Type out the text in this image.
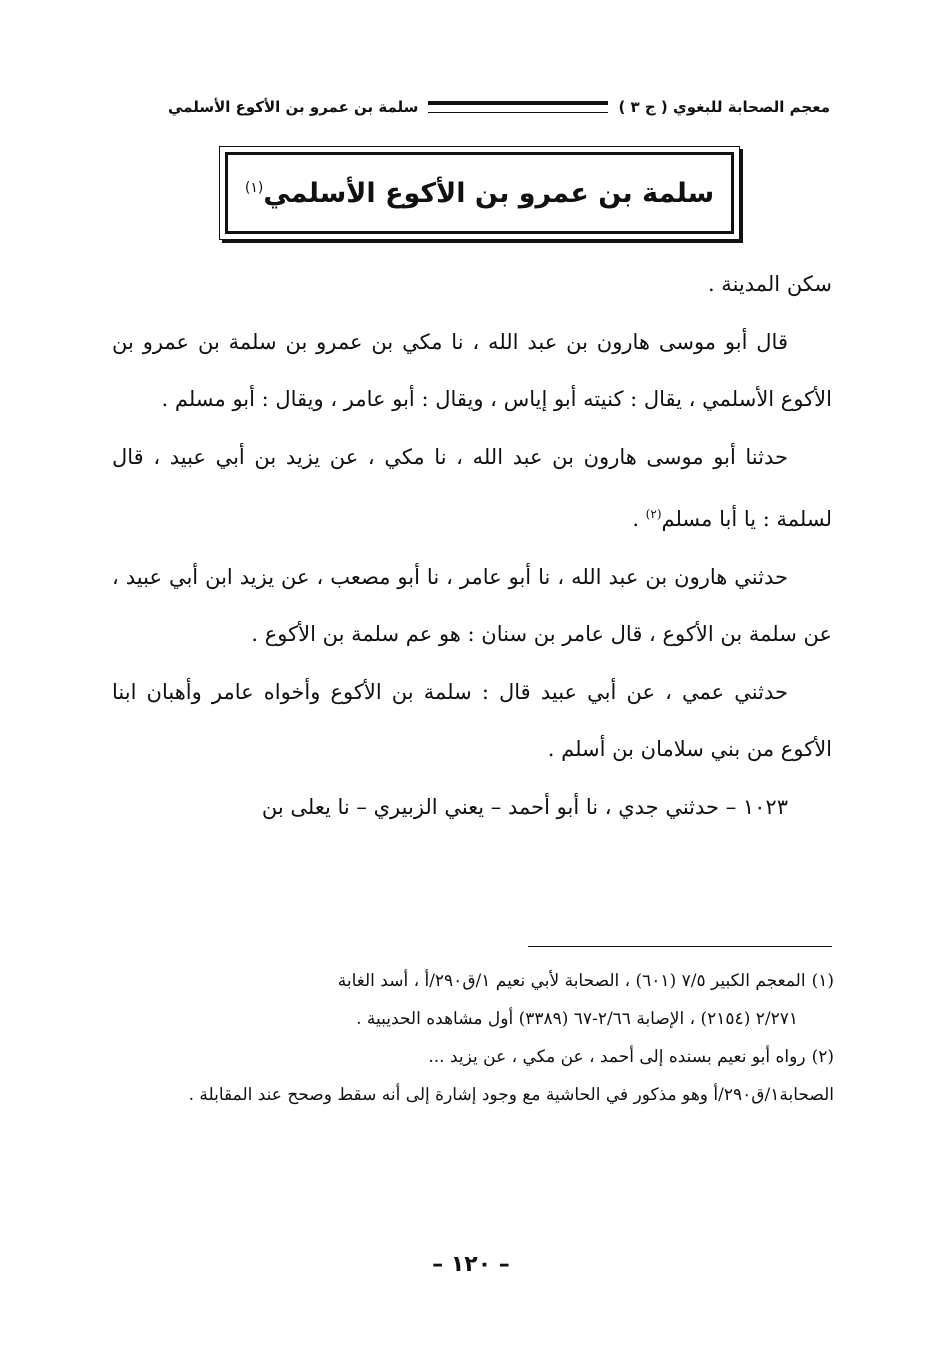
معجم الصحابة للبغوي ( ج ٣ )
سلمة بن عمرو بن الأكوع الأسلمي
سلمة بن عمرو بن الأكوع الأسلمي$^{(١)}$

سكن المدينة .

قال أبو موسى هارون بن عبد الله ، نا مكي بن عمرو بن سلمة بن عمرو بن الأكوع الأسلمي ، يقال : كنيته أبو إياس ، ويقال : أبو عامر ، ويقال : أبو مسلم .

حدثنا أبو موسى هارون بن عبد الله ، نا مكي ، عن يزيد بن أبي عبيد ، قال لسلمة : يا أبا مسلم$^{(٢)}$ .

حدثني هارون بن عبد الله ، نا أبو عامر ، نا أبو مصعب ، عن يزيد ابن أبي عبيد ، عن سلمة بن الأكوع ، قال عامر بن سنان : هو عم سلمة بن الأكوع .

حدثني عمي ، عن أبي عبيد قال : سلمة بن الأكوع وأخواه عامر وأهبان ابنا الأكوع من بني سلامان بن أسلم .

١٠٢٣ – حدثني جدي ، نا أبو أحمد – يعني الزبيري – نا يعلى بن

(١)المعجم الكبير ٧/٥ (٦٠١) ، الصحابة لأبي نعيم ١/ق٢٩٠/أ ، أسد الغابة

٢/٢٧١ (٢١٥٤) ، الإصابة ٢/٦٦-٦٧ (٣٣٨٩) أول مشاهده الحديبية .

(٢)رواه أبو نعيم بسنده إلى أحمد ، عن مكي ، عن يزيد ...

الصحابة١/ق٢٩٠/أ وهو مذكور في الحاشية مع وجود إشارة إلى أنه سقط وصحح عند المقابلة .

– ١٢٠ –
